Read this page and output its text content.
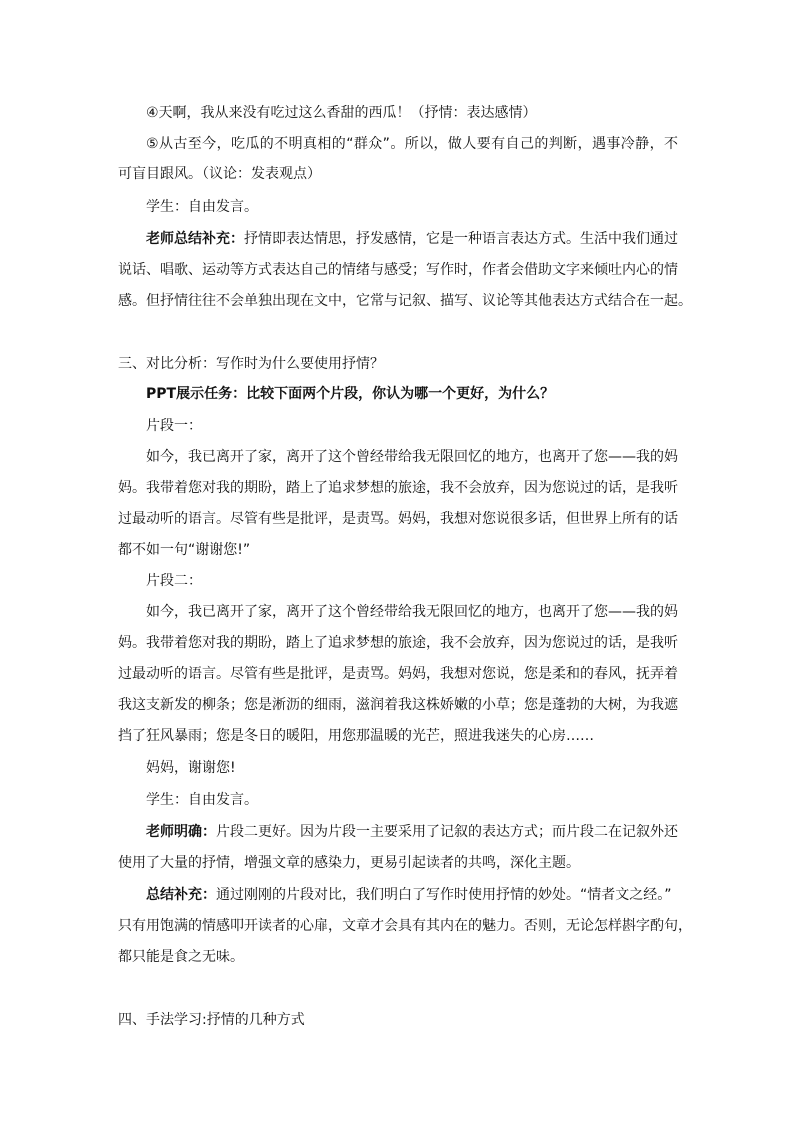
④天啊，我从来没有吃过这么香甜的西瓜！（抒情：表达感情）
⑤从古至今，吃瓜的不明真相的“群众”。所以，做人要有自己的判断，遇事冷静，不
可盲目跟风。（议论：发表观点）
学生：自由发言。
老师总结补充：抒情即表达情思，抒发感情，它是一种语言表达方式。生活中我们通过
说话、唱歌、运动等方式表达自己的情绪与感受；写作时，作者会借助文字来倾吐内心的情
感。但抒情往往不会单独出现在文中，它常与记叙、描写、议论等其他表达方式结合在一起。
三、对比分析：写作时为什么要使用抒情？
PPT展示任务：比较下面两个片段，你认为哪一个更好，为什么？
片段一：
如今，我已离开了家，离开了这个曾经带给我无限回忆的地方，也离开了您——我的妈
妈。我带着您对我的期盼，踏上了追求梦想的旅途，我不会放弃，因为您说过的话，是我听
过最动听的语言。尽管有些是批评，是责骂。妈妈，我想对您说很多话，但世界上所有的话
都不如一句“谢谢您!”
片段二：
如今，我已离开了家，离开了这个曾经带给我无限回忆的地方，也离开了您——我的妈
妈。我带着您对我的期盼，踏上了追求梦想的旅途，我不会放弃，因为您说过的话，是我听
过最动听的语言。尽管有些是批评，是责骂。妈妈，我想对您说，您是柔和的春风，抚弄着
我这支新发的柳条；您是淅沥的细雨，滋润着我这株娇嫩的小草；您是蓬勃的大树，为我遮
挡了狂风暴雨；您是冬日的暖阳，用您那温暖的光芒，照进我迷失的心房……
妈妈，谢谢您!
学生：自由发言。
老师明确：片段二更好。因为片段一主要采用了记叙的表达方式；而片段二在记叙外还
使用了大量的抒情，增强文章的感染力，更易引起读者的共鸣，深化主题。
总结补充：通过刚刚的片段对比，我们明白了写作时使用抒情的妙处。“情者文之经。”
只有用饱满的情感叩开读者的心扉，文章才会具有其内在的魅力。否则，无论怎样斟字酌句，
都只能是食之无味。
四、手法学习:抒情的几种方式
